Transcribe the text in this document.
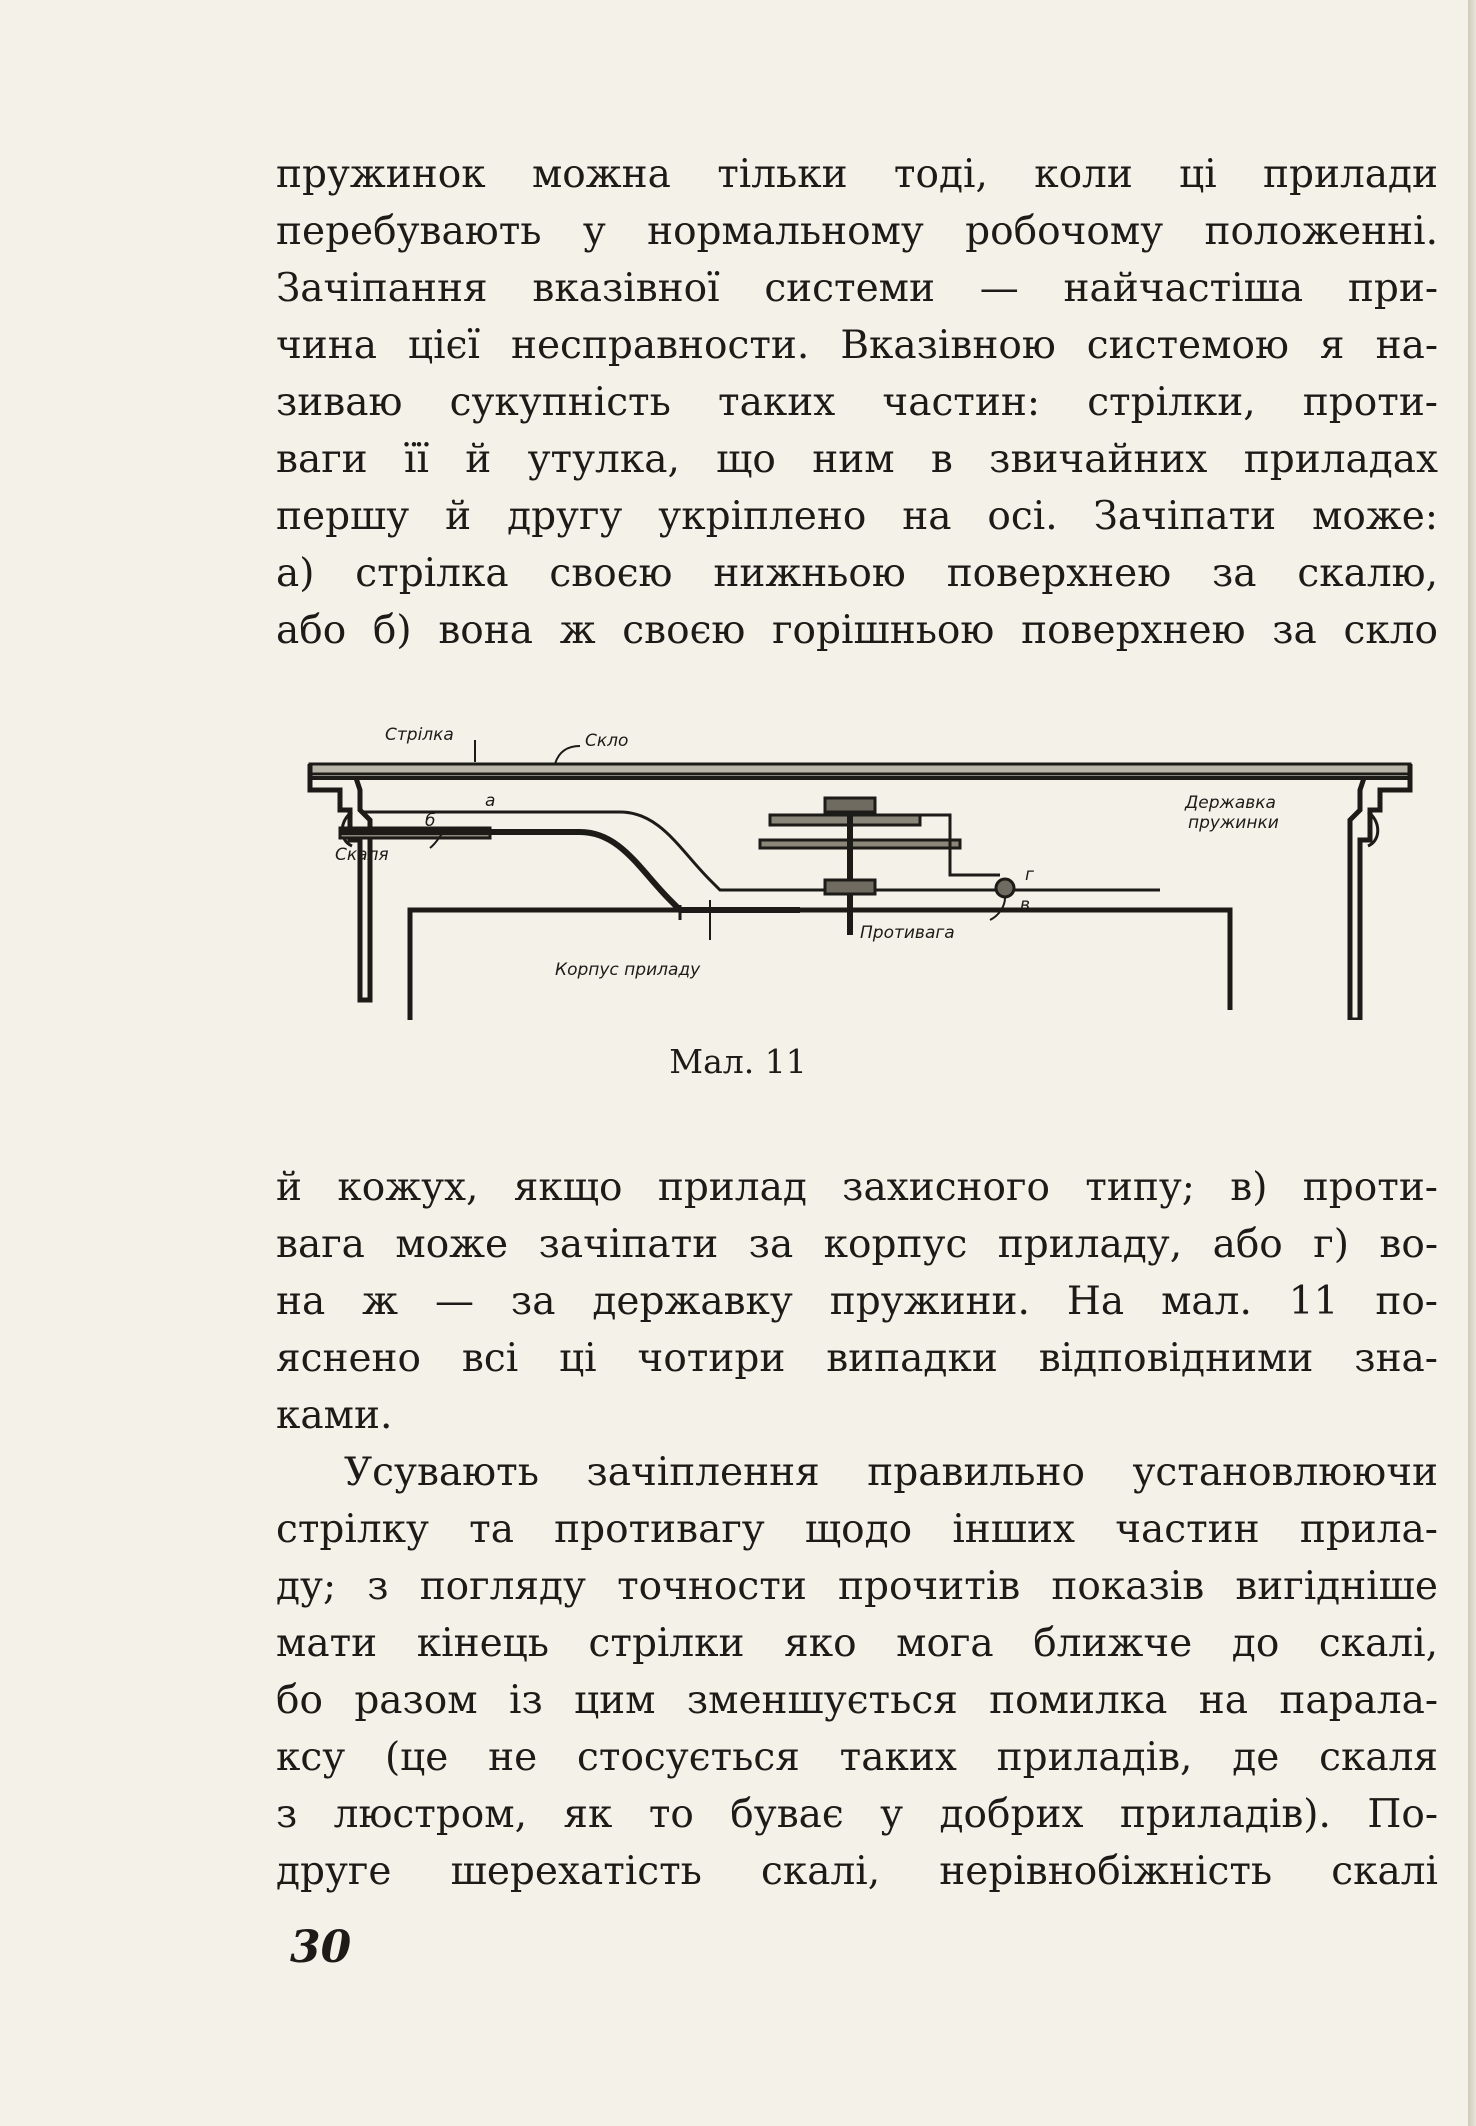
пружинок можна тільки тоді, коли ці прилади
перебувають у нормальному робочому положенні.
Зачіпання вказівної системи — найчастіша при-
чина цієї несправности. Вказівною системою я на-
зиваю сукупність таких частин: стрілки, проти-
ваги її й утулка, що ним в звичайних приладах
першу й другу укріплено на осі. Зачіпати може:
а) стрілка своєю нижньою поверхнею за скалю,
або б) вона ж своєю горішньою поверхнею за скло
Стрілка	Скло
Державка
пружинки
Скаля
Противага
Корпус приладу
а
б
в
г
Мал. 11
й кожух, якщо прилад захисного типу; в) проти-
вага може зачіпати за корпус приладу, або г) во-
на ж — за державку пружини. На мал. 11 по-
яснено всі ці чотири випадки відповідними зна-
ками.
Усувають зачіплення правильно установлюючи
стрілку та противагу щодо інших частин прила-
ду; з погляду точности прочитів показів вигідніше
мати кінець стрілки яко мога ближче до скалі,
бо разом із цим зменшується помилка на парала-
ксу (це не стосується таких приладів, де скаля
з люстром, як то буває у добрих приладів). По-
друге шерехатість скалі, нерівнобіжність скалі
30
